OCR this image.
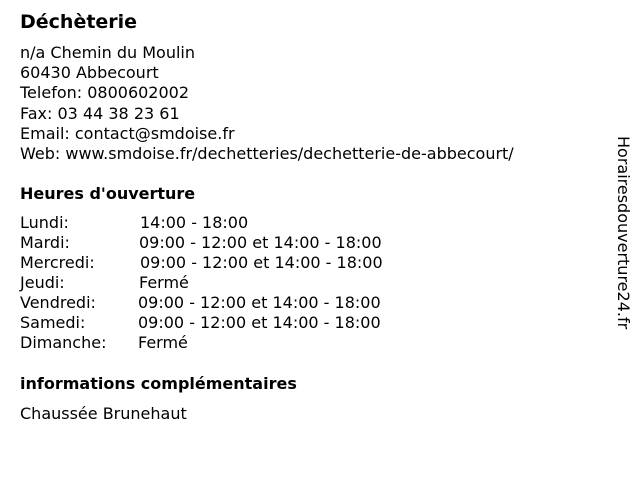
Déchèterie
n/a Chemin du Moulin
60430 Abbecourt
Telefon: 0800602002
Fax: 03 44 38 23 61
Email: contact@smdoise.fr
Web: www.smdoise.fr/dechetteries/dechetterie-de-abbecourt/
Heures d'ouverture
Lundi:	14:00 - 18:00
Mardi:	09:00 - 12:00 et 14:00 - 18:00
Mercredi:	09:00 - 12:00 et 14:00 - 18:00
Jeudi:	Fermé
Vendredi:	09:00 - 12:00 et 14:00 - 18:00
Samedi:	09:00 - 12:00 et 14:00 - 18:00
Dimanche: Fermé
informations complémentaires
Chaussée Brunehaut
Horairesdouverture24.fr
